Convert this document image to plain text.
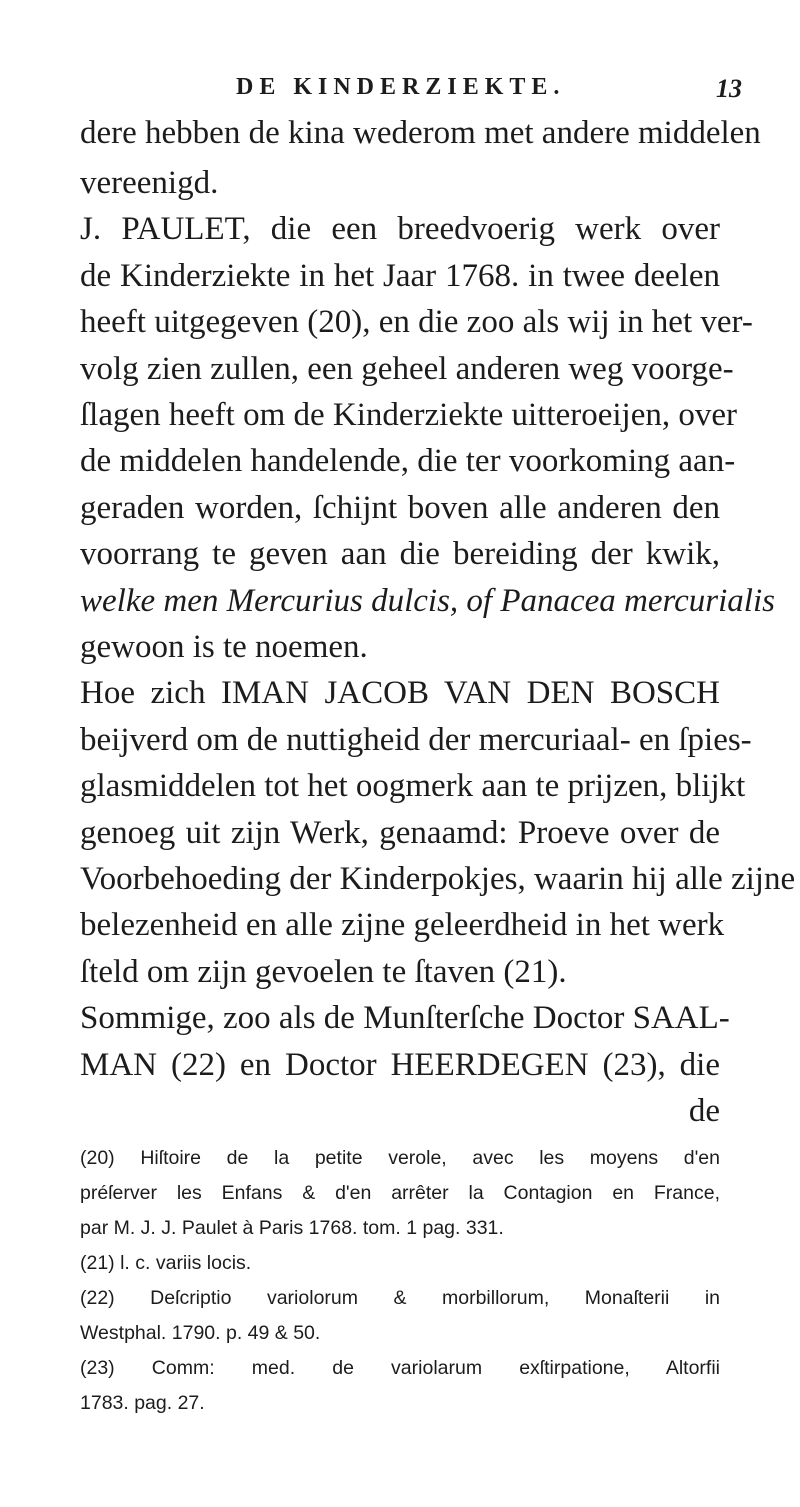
DE KINDERZIEKTE.	13
dere hebben de kina wederom met andere middelen
vereenigd.
J. PAULET, die een breedvoerig werk over
de Kinderziekte in het Jaar 1768. in twee deelen
heeft uitgegeven (20), en die zoo als wij in het ver-
volg zien zullen, een geheel anderen weg voorge-
ſlagen heeft om de Kinderziekte uitteroeijen, over
de middelen handelende, die ter voorkoming aan-
geraden worden, ſchijnt boven alle anderen den
voorrang te geven aan die bereiding der kwik,
welke men Mercurius dulcis, of Panacea mercurialis
gewoon is te noemen.
Hoe zich IMAN JACOB VAN DEN BOSCH
beijverd om de nuttigheid der mercuriaal- en ſpies-
glasmiddelen tot het oogmerk aan te prijzen, blijkt
genoeg uit zijn Werk, genaamd: Proeve over de
Voorbehoeding der Kinderpokjes, waarin hij alle zijne
belezenheid en alle zijne geleerdheid in het werk
ſteld om zijn gevoelen te ſtaven (21).
Sommige, zoo als de Munſterſche Doctor SAAL-
MAN (22) en Doctor HEERDEGEN (23), die
de
(20) Hiſtoire de la petite verole, avec les moyens d'en
préſerver les Enfans & d'en arrêter la Contagion en France,
par M. J. J. Paulet à Paris 1768. tom. 1 pag. 331.
(21) l. c. variis locis.
(22) Deſcriptio variolorum & morbillorum, Monaſterii in
Westphal. 1790. p. 49 & 50.
(23) Comm: med. de variolarum exſtirpatione, Altorfii
1783. pag. 27.
